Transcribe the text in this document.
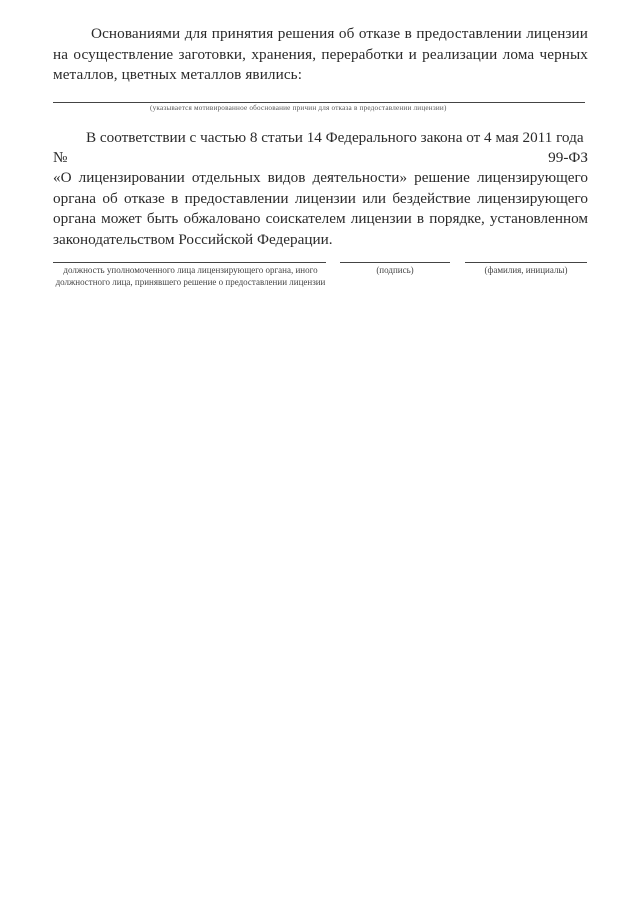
Основаниями для принятия решения об отказе в предоставлении лицензии на осуществление заготовки, хранения, переработки и реализации лома черных металлов, цветных металлов явились:
(указывается мотивированное обоснование причин для отказа в предоставлении лицензии)
В соответствии с частью 8 статьи 14 Федерального закона от 4 мая 2011 года
№	99-ФЗ
«О лицензировании отдельных видов деятельности» решение лицензирующего органа об отказе в предоставлении лицензии или бездействие лицензирующего органа может быть обжаловано соискателем лицензии в порядке, установленном законодательством Российской Федерации.
должность уполномоченного лица лицензирующего органа, иного должностного лица, принявшего решение о предоставлении лицензии
(подпись)	(фамилия, инициалы)
